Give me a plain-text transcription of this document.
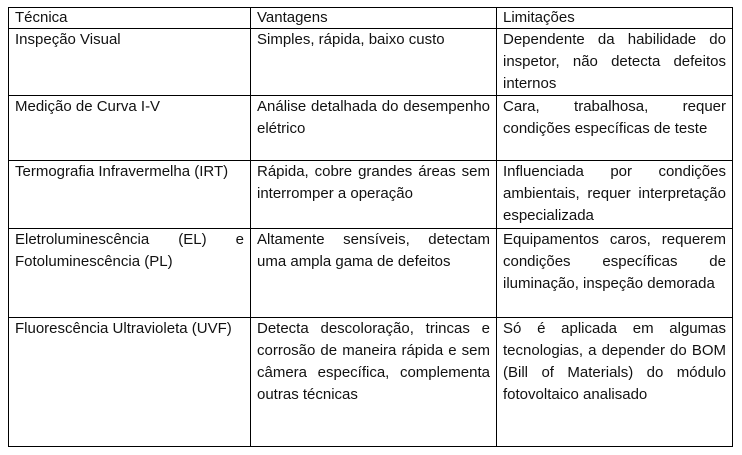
Técnica	Vantagens	Limitações
Inspeção Visual	Simples, rápida, baixo custo	Dependente da habilidade do inspetor, não detecta defeitos internos
Medição de Curva I-V	Análise detalhada do desempenho elétrico	Cara, trabalhosa, requer condições específicas de teste
Termografia Infravermelha (IRT)	Rápida, cobre grandes áreas sem interromper a operação	Influenciada por condições ambientais, requer interpretação especializada
Eletroluminescência (EL) e Fotoluminescência (PL)	Altamente sensíveis, detectam uma ampla gama de defeitos	Equipamentos caros, requerem condições específicas de iluminação, inspeção demorada
Fluorescência Ultravioleta (UVF)	Detecta descoloração, trincas e corrosão de maneira rápida e sem câmera específica, complementa outras técnicas	Só é aplicada em algumas tecnologias, a depender do BOM (Bill of Materials) do módulo fotovoltaico analisado
